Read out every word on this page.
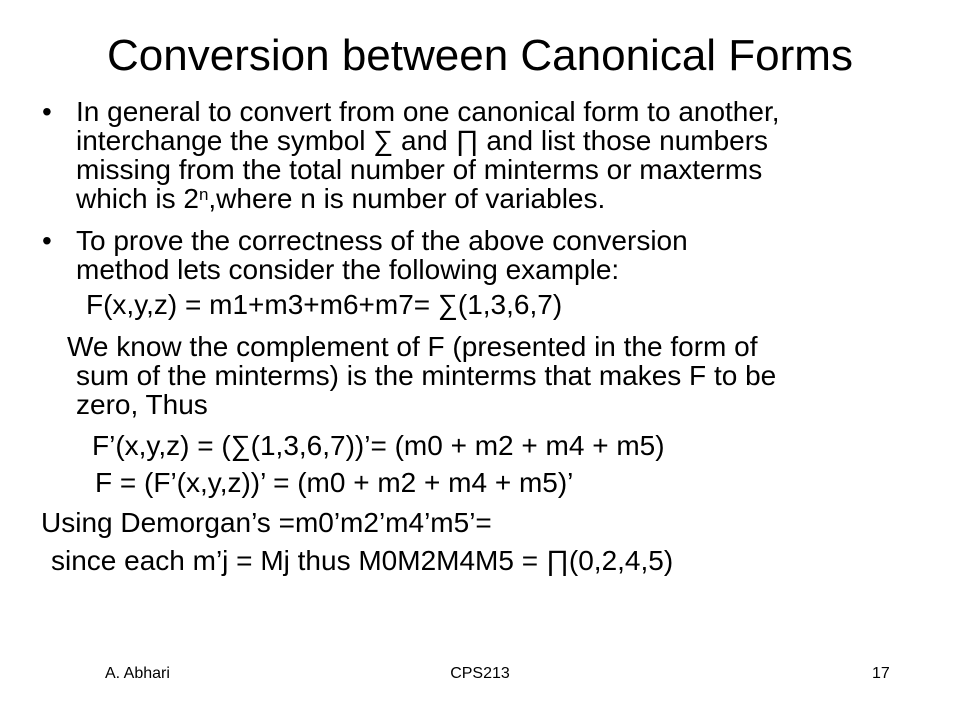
Conversion between Canonical Forms
• In general to convert from one canonical form to another,
interchange the symbol ∑ and ∏ and list those numbers
missing from the total number of minterms or maxterms
which is 2$^n$,where n is number of variables.
• To prove the correctness of the above conversion
method lets consider the following example:
F(x,y,z) = m1+m3+m6+m7= ∑(1,3,6,7)
We know the complement of F (presented in the form of
sum of the minterms) is the minterms that makes F to be
zero, Thus
F’(x,y,z) = (∑(1,3,6,7))’= (m0 + m2 + m4 + m5)
F = (F’(x,y,z))’ = (m0 + m2 + m4 + m5)’
Using Demorgan’s =m0’m2’m4’m5’=
since each m’j = Mj thus M0M2M4M5 = ∏(0,2,4,5)
A. Abhari	CPS213	17
